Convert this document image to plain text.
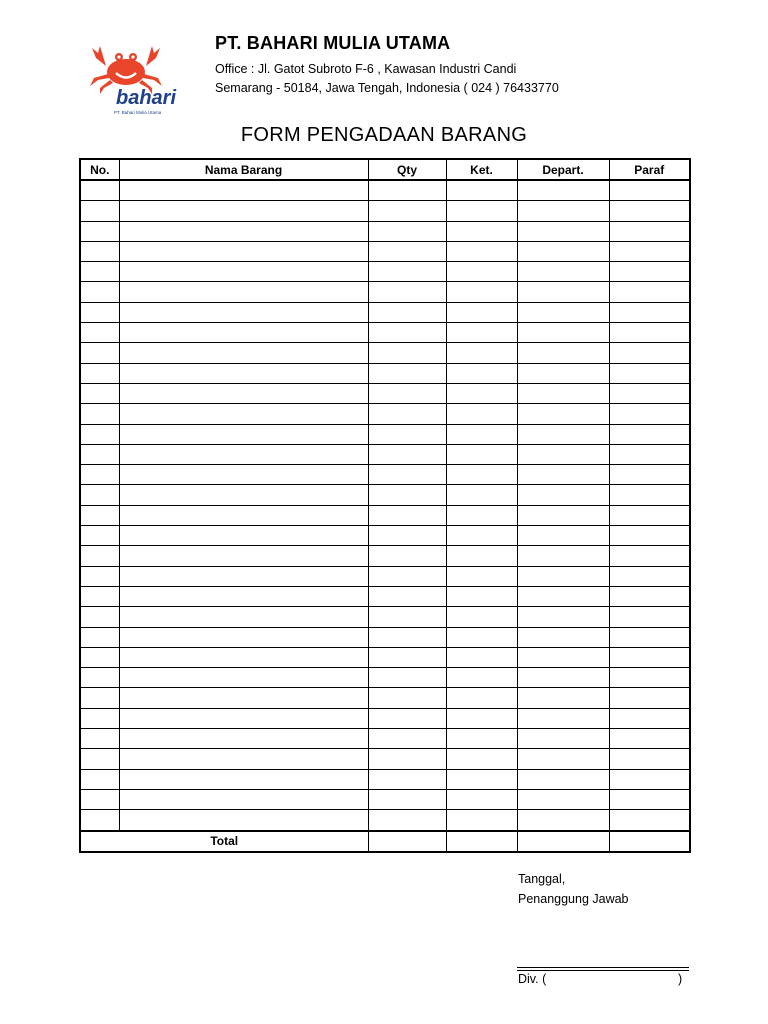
bahari
PT. Bahari Mulia Utama
PT. BAHARI MULIA UTAMA
Office : Jl. Gatot Subroto F-6 , Kawasan Industri Candi
Semarang - 50184, Jawa Tengah, Indonesia ( 024 ) 76433770
FORM PENGADAAN BARANG
No.	Nama Barang	Qty	Ket.	Depart.	Paraf

Total					
Tanggal,
Penanggung Jawab
Div. (	)
